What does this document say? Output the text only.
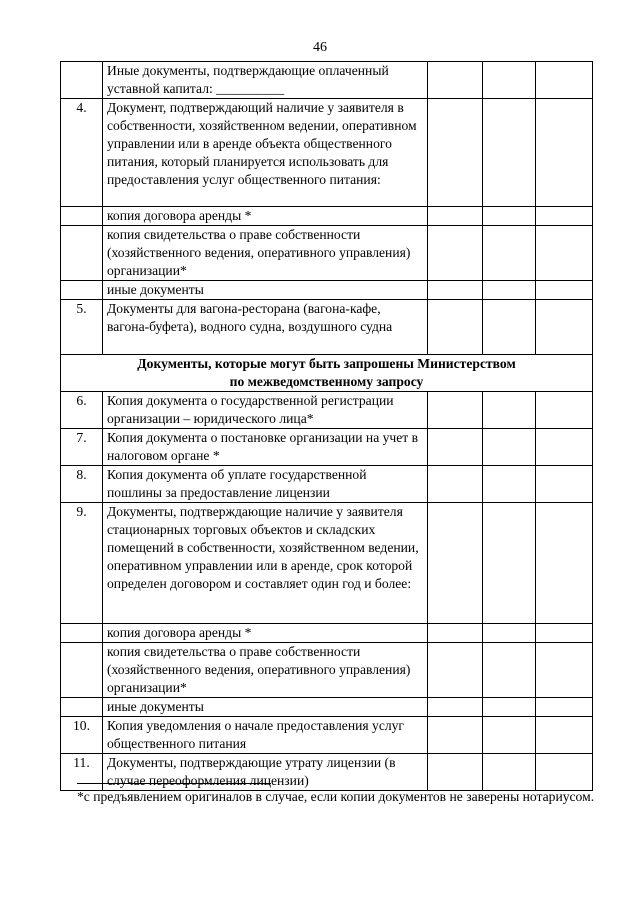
46
	Иные документы, подтверждающие оплаченный уставной капитал: __________			
4.	Документ, подтверждающий наличие у заявителя в собственности, хозяйственном ведении, оперативном управлении или в аренде объекта общественного питания, который планируется использовать для предоставления услуг общественного питания:			
	копия договора аренды *			
	копия свидетельства о праве собственности (хозяйственного ведения, оперативного управления) организации*			
	иные документы			
5.	Документы для вагона-ресторана (вагона-кафе, вагона-буфета), водного судна, воздушного судна			

Документы, которые могут быть запрошены Министерством
по межведомственному запросу				

6.	Копия документа о государственной регистрации организации – юридического лица*			
7.	Копия документа о постановке организации на учет в налоговом органе *			
8.	Копия документа об уплате государственной пошлины за предоставление лицензии			
9.	Документы, подтверждающие наличие у заявителя стационарных торговых объектов и складских помещений в собственности, хозяйственном ведении, оперативном управлении или в аренде, срок которой определен договором и составляет один год и более:			
	копия договора аренды *			
	копия свидетельства о праве собственности (хозяйственного ведения, оперативного управления) организации*			
	иные документы			
10.	Копия уведомления о начале предоставления услуг общественного питания			
11.	Документы, подтверждающие утрату лицензии (в случае переоформления лицензии)			
*с предъявлением оригиналов в случае, если копии документов не заверены нотариусом.
